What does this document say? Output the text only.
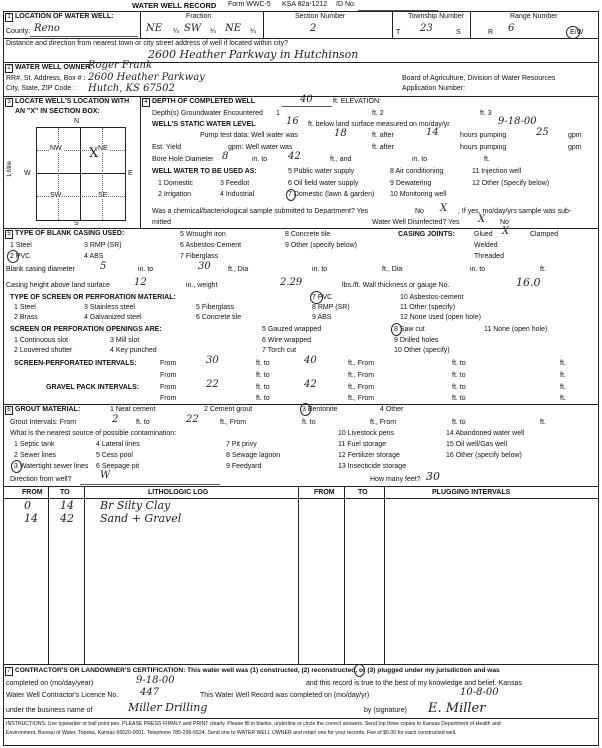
WATER WELL RECORD Form WWC-5 KSA 82a-1212 ID No.
1 LOCATION OF WATER WELL:
County: Reno
Fraction
NE ¼ SW ¼ NE ¼
Section Number
2
Township Number
T 23	S
Range Number
R 6	E/W
Distance and direction from nearest town or city street address of well if located within city?
2600 Heather Parkway in Hutchinson
2 WATER WELL OWNER:
Roger Frank
RR#, St. Address, Box # : 2600 Heather Parkway
City, State, ZIP Code : Hutch, KS 67502
Board of Agriculture, Division of Water Resources
Application Number:
3 LOCATE WELL'S LOCATION WITH
AN "X" IN SECTION BOX:
N
S
W	E
1 Mile
NW	NE
SW	SE
X
4 DEPTH OF COMPLETED WELL	40	ft. ELEVATION:
Depth(s) Groundwater Encountered 1	ft. 2	ft. 3
WELL'S STATIC WATER LEVEL	16 ft. below land surface measured on mo/day/yr	9-18-00
Pump test data: Well water was	18	ft. after	14	hours pumping	25	gpm
Est. Yield	gpm: Well water was	ft. after	hours pumping	gpm
Bore Hole Diameter 8	in. to 42	ft., and	in. to	ft.
WELL WATER TO BE USED AS:	5 Public water supply	8 Air conditioning	11 Injection well
1 Domestic	3 Feedlot	6 Oil field water supply	9 Dewatering	12 Other (Specify below)
2 Irrigation	4 Industrial	7 Domestic (lawn & garden) 10 Monitoring well
Was a chemical/bacteriological sample submitted to Department? Yes	No X ; If yes, mo/day/yrs sample was sub-
mitted	Water Well Disinfected? Yes X No
5 TYPE OF BLANK CASING USED:
1 Steel	3 RMP (SR)
5 Wrought iron
6 Asbestos-Cement
8 Concrete tile
9 Other (specify below)
2 PVC	4 ABS	7 Fiberglass
CASING JOINTS:	Glued X	Clamped
Welded
Threaded
Blank casing diameter	5	in. to	30 ft., Dia	in. to	ft., Dia	in. to	ft.
Casing height above land surface 12	in., weight	2.29	lbs./ft. Wall thickness or gauge No.	16.0
TYPE OF SCREEN OR PERFORATION MATERIAL:	7 PVC	10 Asbestos-cement
1 Steel	3 Stainless steel	5 Fiberglass	8 RMP (SR)	11 Other (specify)
2 Brass	4 Galvanized steel	6 Concrete tile	9 ABS	12 None used (open hole)
SCREEN OR PERFORATION OPENINGS ARE:	5 Gauzed wrapped	8 Saw cut	11 None (open hole)
1 Continuous slot	3 Mill slot	6 Wire wrapped	9 Drilled holes
2 Louvered shutter	4 Key punched	7 Torch cut	10 Other (specify)
SCREEN-PERFORATED INTERVALS:	From	30	ft. to	40	ft., From	ft. to	ft.
From	ft. to	ft., From	ft. to	ft.
GRAVEL PACK INTERVALS:	From	22	ft. to	42	ft., From	ft. to	ft.
From	ft. to	ft., From	ft. to	ft.
6 GROUT MATERIAL:	1 Neat cement	2 Cement grout	3 Bentonite	4 Other
Grout Intervals: From	2	ft. to	22	ft., From	ft. to	ft., From	ft. to	ft.
What is the nearest source of possible contamination:	10 Livestock pens	14 Abandoned water well
1 Septic tank	4 Lateral lines	7 Pit privy	11 Fuel storage	15 Oil well/Gas well
2 Sewer lines	5 Cess pool	8 Sewage lagoon	12 Fertilizer storage	16 Other (specify below)
3 Watertight sewer lines 6 Seepage pit	9 Feedyard	13 Insecticide storage
Direction from well?	W	How many feet? 30
FROM TO	LITHOLOGIC LOG	FROM	TO	PLUGGING INTERVALS
0	14 Br Silty Clay
14 42 Sand + Gravel
7 CONTRACTOR'S OR LANDOWNER'S CERTIFICATION: This water well was (1) constructed, (2) reconstructed, or (3) plugged under my jurisdiction and was
completed on (mo/day/year)	9-18-00	and this record is true to the best of my knowledge and belief. Kansas
Water Well Contractor's Licence No. 447	This Water Well Record was completed on (mo/day/yr)	10-8-00
under the business name of	Miller Drilling	by (signature) E. Miller
INSTRUCTIONS: Use typewriter or ball point pen. PLEASE PRESS FIRMLY and PRINT clearly. Please fill in blanks, underline or circle the correct answers. Send top three copies to Kansas Department of Health and
Environment, Bureau of Water, Topeka, Kansas 66620-0001. Telephone 785-296-5524. Send one to WATER WELL OWNER and retain one for your records. Fee of $5.00 for each constructed well.
